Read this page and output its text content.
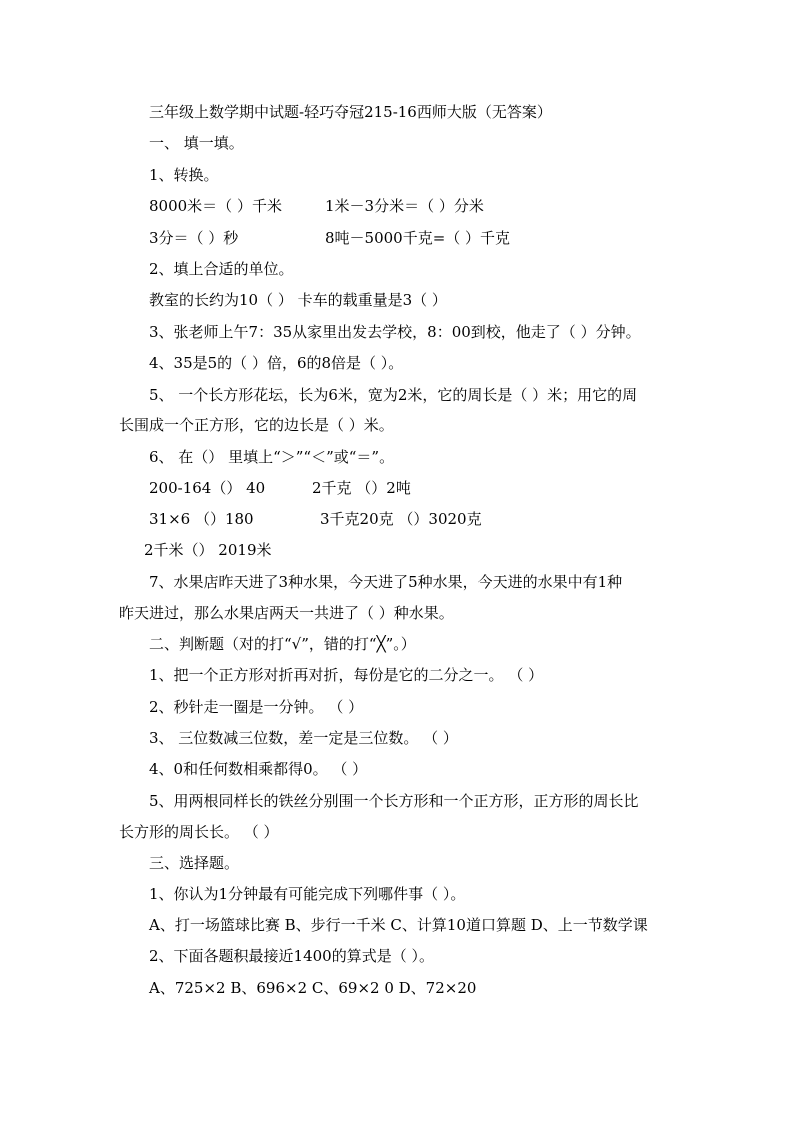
三年级上数学期中试题-轻巧夺冠215-16西师大版（无答案）
一、 填一填。
1、转换。
8000米＝（ ）千米	1米－3分米＝（ ）分米
3分＝（ ）秒	8吨－5000千克=（ ）千克
2、填上合适的单位。
教室的长约为10（ ） 卡车的载重量是3（ ）
3、张老师上午7：35从家里出发去学校，8：00到校，他走了（ ）分钟。
4、35是5的（ ）倍，6的8倍是（ ）。
5、 一个长方形花坛，长为6米，宽为2米，它的周长是（ ）米；用它的周
长围成一个正方形，它的边长是（ ）米。
6、 在（） 里填上“＞”“＜”或“＝”。
200-164（） 40	2千克 （）2吨
31×6 （）180	3千克20克 （）3020克
2千米（） 2019米
7、水果店昨天进了3种水果，今天进了5种水果，今天进的水果中有1种
昨天进过，那么水果店两天一共进了（ ）种水果。
二、判断题（对的打“√”，错的打“╳”。）
1、把一个正方形对折再对折，每份是它的二分之一。 （ ）
2、秒针走一圈是一分钟。 （ ）
3、 三位数减三位数，差一定是三位数。 （ ）
4、0和任何数相乘都得0。 （ ）
5、用两根同样长的铁丝分别围一个长方形和一个正方形，正方形的周长比
长方形的周长长。 （ ）
三、选择题。
1、你认为1分钟最有可能完成下列哪件事（ ）。
A、打一场篮球比赛 B、步行一千米 C、计算10道口算题 D、上一节数学课
2、下面各题积最接近1400的算式是（ ）。
A、725×2 B、696×2 C、69×2 0 D、72×20
